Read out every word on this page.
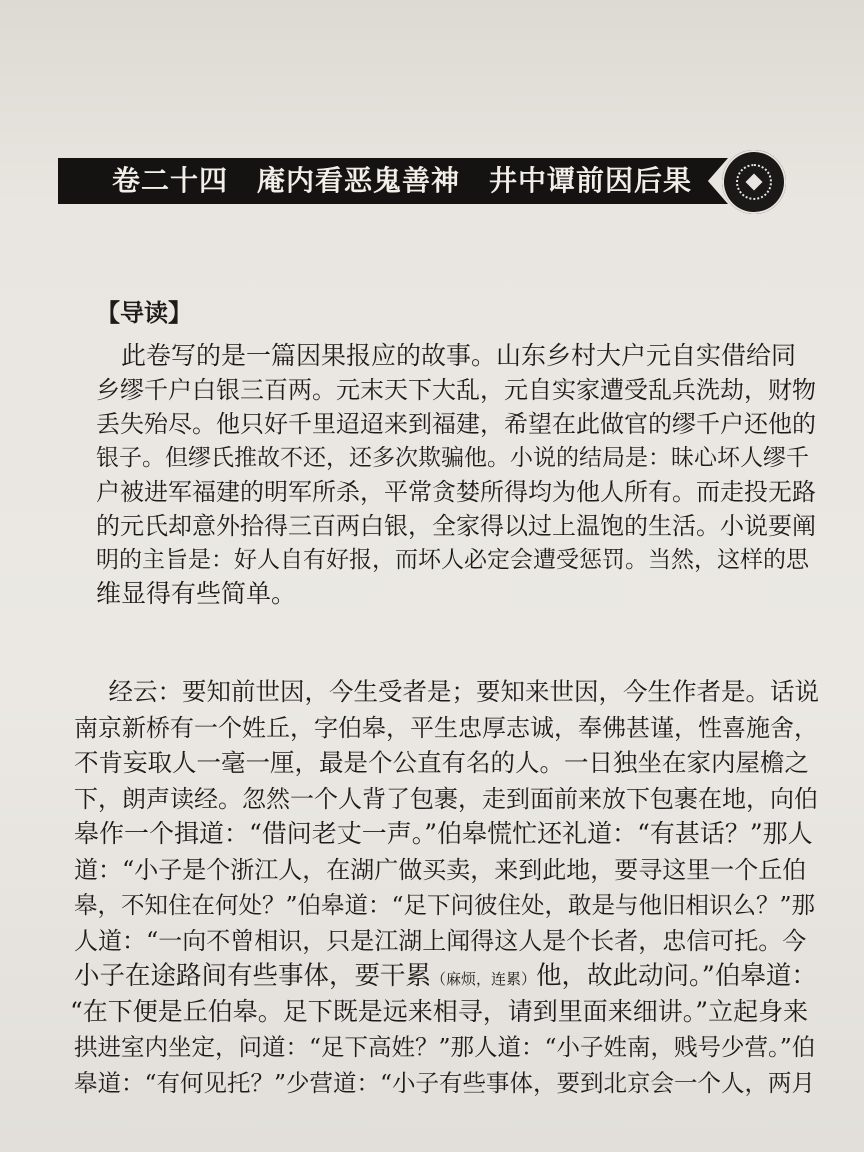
卷二十四　庵内看恶鬼善神　井中谭前因后果
【导读】
　此卷写的是一篇因果报应的故事。山东乡村大户元自实借给同
乡缪千户白银三百两。元末天下大乱，元自实家遭受乱兵洗劫，财物
丢失殆尽。他只好千里迢迢来到福建，希望在此做官的缪千户还他的
银子。但缪氏推故不还，还多次欺骗他。小说的结局是：昧心坏人缪千
户被进军福建的明军所杀，平常贪婪所得均为他人所有。而走投无路
的元氏却意外拾得三百两白银，全家得以过上温饱的生活。小说要阐
明的主旨是：好人自有好报，而坏人必定会遭受惩罚。当然，这样的思
维显得有些简单。
　经云：要知前世因，今生受者是；要知来世因，今生作者是。话说
南京新桥有一个姓丘，字伯皋，平生忠厚志诚，奉佛甚谨，性喜施舍，
不肯妄取人一毫一厘，最是个公直有名的人。一日独坐在家内屋檐之
下，朗声读经。忽然一个人背了包裹，走到面前来放下包裹在地，向伯
皋作一个揖道：“借问老丈一声。”伯皋慌忙还礼道：“有甚话？”那人
道：“小子是个浙江人，在湖广做买卖，来到此地，要寻这里一个丘伯
皋，不知住在何处？”伯皋道：“足下问彼住处，敢是与他旧相识么？”那
人道：“一向不曾相识，只是江湖上闻得这人是个长者，忠信可托。今
小子在途路间有些事体，要干累（麻烦，连累）他，故此动问。”伯皋道：
“在下便是丘伯皋。足下既是远来相寻，请到里面来细讲。”立起身来
拱进室内坐定，问道：“足下高姓？”那人道：“小子姓南，贱号少营。”伯
皋道：“有何见托？”少营道：“小子有些事体，要到北京会一个人，两月
